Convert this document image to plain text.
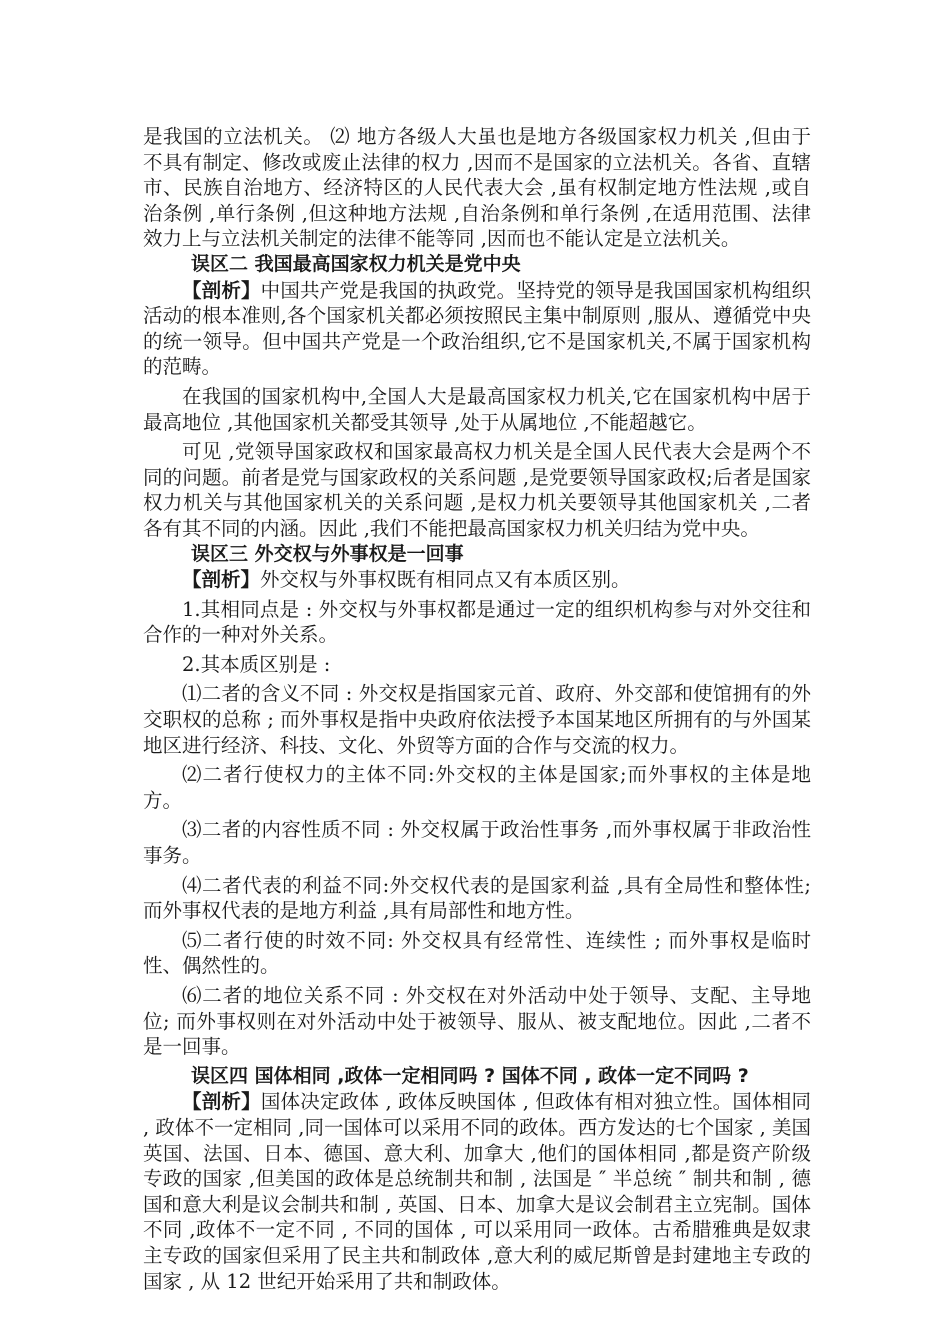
是我国的立法机关。 ⑵ 地方各级人大虽也是地方各级国家权力机关 ,但由于不具有制定、修改或废止法律的权力 ,因而不是国家的立法机关。各省、直辖市、民族自治地方、经济特区的人民代表大会 ,虽有权制定地方性法规 ,或自治条例 ,单行条例 ,但这种地方法规 ,自治条例和单行条例 ,在适用范围、法律效力上与立法机关制定的法律不能等同 ,因而也不能认定是立法机关。

误区二 我国最高国家权力机关是党中央

【剖析】中国共产党是我国的执政党。坚持党的领导是我国国家机构组织活动的根本准则,各个国家机关都必须按照民主集中制原则 ,服从、遵循党中央的统一领导。但中国共产党是一个政治组织,它不是国家机关,不属于国家机构的范畴。

在我国的国家机构中,全国人大是最高国家权力机关,它在国家机构中居于最高地位 ,其他国家机关都受其领导 ,处于从属地位 ,不能超越它。

可见 ,党领导国家政权和国家最高权力机关是全国人民代表大会是两个不同的问题。前者是党与国家政权的关系问题 ,是党要领导国家政权;后者是国家权力机关与其他国家机关的关系问题 ,是权力机关要领导其他国家机关 ,二者各有其不同的内涵。因此 ,我们不能把最高国家权力机关归结为党中央。

误区三 外交权与外事权是一回事

【剖析】外交权与外事权既有相同点又有本质区别。

1.其相同点是 : 外交权与外事权都是通过一定的组织机构参与对外交往和合作的一种对外关系。

2.其本质区别是 :

⑴二者的含义不同 : 外交权是指国家元首、政府、外交部和使馆拥有的外交职权的总称 ; 而外事权是指中央政府依法授予本国某地区所拥有的与外国某地区进行经济、科技、文化、外贸等方面的合作与交流的权力。

⑵二者行使权力的主体不同:外交权的主体是国家;而外事权的主体是地方。

⑶二者的内容性质不同 : 外交权属于政治性事务 ,而外事权属于非政治性事务。

⑷二者代表的利益不同:外交权代表的是国家利益 ,具有全局性和整体性; 而外事权代表的是地方利益 ,具有局部性和地方性。

⑸二者行使的时效不同: 外交权具有经常性、连续性 ; 而外事权是临时性、偶然性的。

⑹二者的地位关系不同 : 外交权在对外活动中处于领导、支配、主导地位; 而外事权则在对外活动中处于被领导、服从、被支配地位。因此 ,二者不是一回事。

误区四 国体相同 ,政体一定相同吗 ? 国体不同 , 政体一定不同吗 ?

【剖析】国体决定政体 , 政体反映国体 , 但政体有相对独立性。国体相同 , 政体不一定相同 ,同一国体可以采用不同的政体。西方发达的七个国家 , 美国 英国、法国、日本、德国、意大利、加拿大 ,他们的国体相同 ,都是资产阶级专政的国家 ,但美国的政体是总统制共和制 , 法国是 ″ 半总统 ″ 制共和制 , 德国和意大利是议会制共和制 , 英国、日本、加拿大是议会制君主立宪制。国体不同 ,政体不一定不同 , 不同的国体 , 可以采用同一政体。古希腊雅典是奴隶主专政的国家但采用了民主共和制政体 ,意大利的威尼斯曾是封建地主专政的国家 , 从 12 世纪开始采用了共和制政体。
